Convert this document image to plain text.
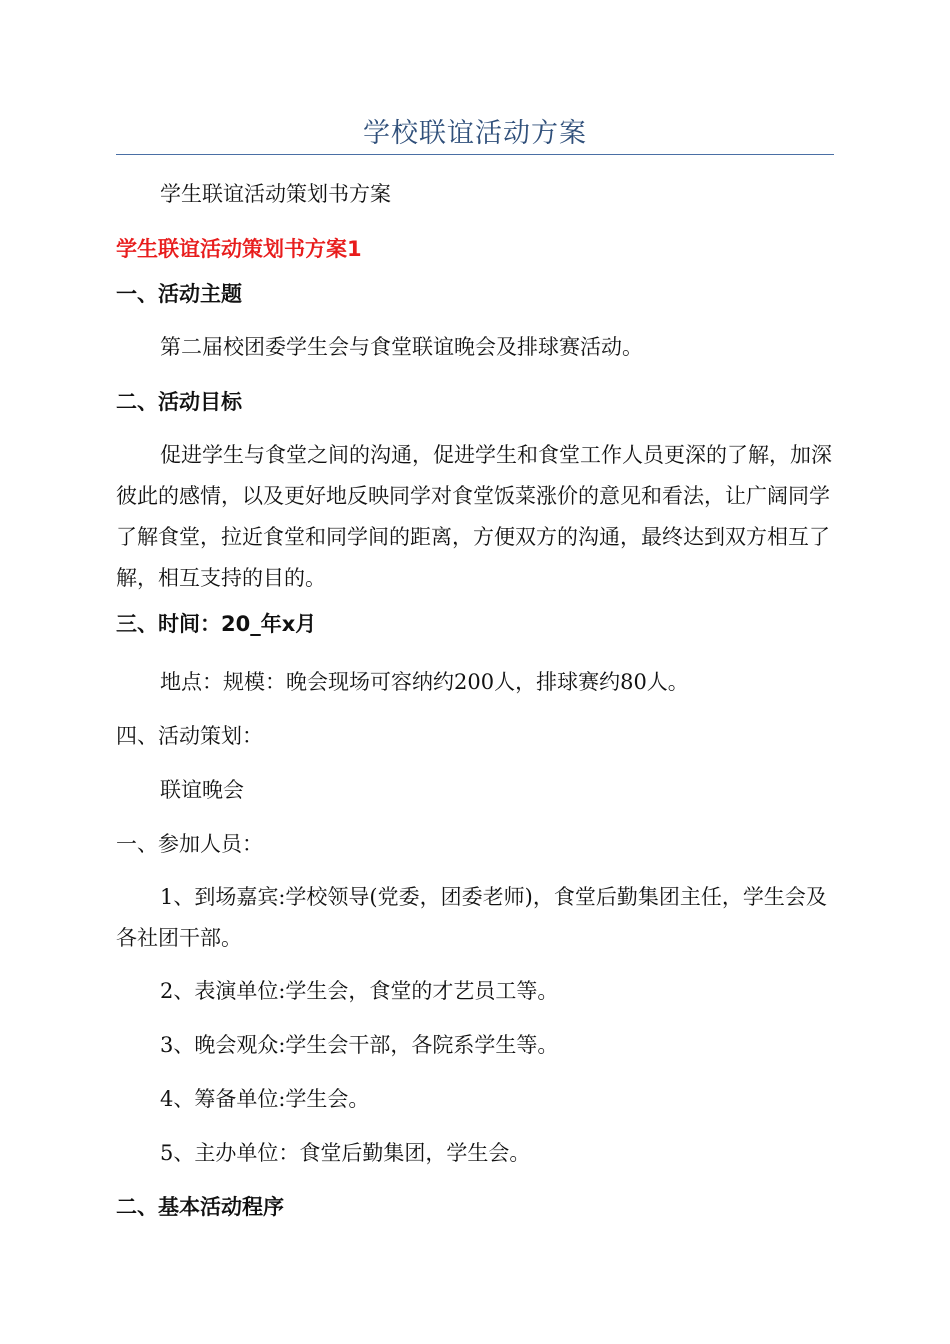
学校联谊活动方案
学生联谊活动策划书方案
学生联谊活动策划书方案1
一、活动主题
第二届校团委学生会与食堂联谊晚会及排球赛活动。
二、活动目标
促进学生与食堂之间的沟通，促进学生和食堂工作人员更深的了解，加深彼此的感情，以及更好地反映同学对食堂饭菜涨价的意见和看法，让广阔同学了解食堂，拉近食堂和同学间的距离，方便双方的沟通，最终达到双方相互了解，相互支持的目的。
三、时间：20_年x月
地点：规模：晚会现场可容纳约200人，排球赛约80人。
四、活动策划：
联谊晚会
一、参加人员：
1、到场嘉宾:学校领导(党委，团委老师)，食堂后勤集团主任，学生会及各社团干部。
2、表演单位:学生会，食堂的才艺员工等。
3、晚会观众:学生会干部，各院系学生等。
4、筹备单位:学生会。
5、主办单位：食堂后勤集团，学生会。
二、基本活动程序
